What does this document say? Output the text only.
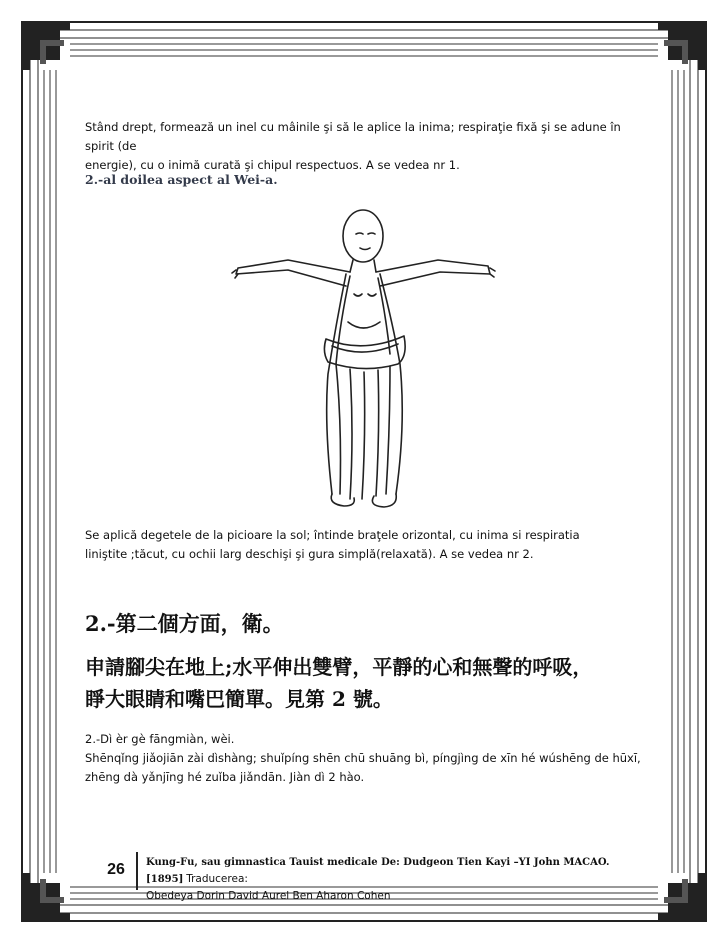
Stând drept, formează un inel cu mâinile şi să le aplice la inima; respiraţie fixă şi se adune în spirit (de
energie), cu o inimă curată şi chipul respectuos. A se vedea nr 1.

2.-al doilea aspect al Wei-a.

Se aplică degetele de la picioare la sol; întinde braţele orizontal, cu inima si respiratia
liniştite ;tăcut, cu ochii larg deschişi şi gura simplă(relaxată). A se vedea nr 2.

2.-第二個方面，衛。

申請腳尖在地上;水平伸出雙臂，平靜的心和無聲的呼吸，
睜大眼睛和嘴巴簡單。見第 2 號。

2.-Dì èr gè fāngmiàn, wèi.
Shēnqǐng jiǎojiān zài dìshàng; shuǐpíng shēn chū shuāng bì, píngjìng de xīn hé wúshēng de hūxī,
zhēng dà yǎnjīng hé zuǐba jiǎndān. Jiàn dì 2 hào.

26	Kung-Fu, sau gimnastica Tauist medicale De: Dudgeon Tien Kayi –YI John MACAO.[1895] Traducerea:
Obedeya Dorin David Aurel Ben Aharon Cohen
